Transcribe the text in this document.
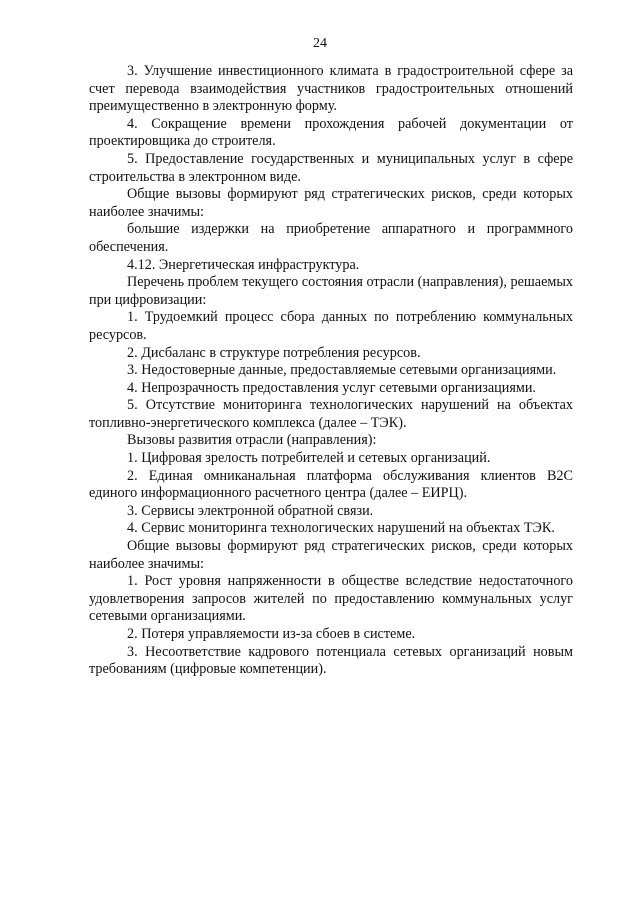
24

3. Улучшение инвестиционного климата в градостроительной сфере за счет перевода взаимодействия участников градостроительных отношений преимущественно в электронную форму.

4. Сокращение времени прохождения рабочей документации от проектировщика до строителя.

5. Предоставление государственных и муниципальных услуг в сфере строительства в электронном виде.

Общие вызовы формируют ряд стратегических рисков, среди которых наиболее значимы:

большие издержки на приобретение аппаратного и программного обеспечения.

4.12. Энергетическая инфраструктура.

Перечень проблем текущего состояния отрасли (направления), решаемых при цифровизации:

1. Трудоемкий процесс сбора данных по потреблению коммунальных ресурсов.

2. Дисбаланс в структуре потребления ресурсов.

3. Недостоверные данные, предоставляемые сетевыми организациями.

4. Непрозрачность предоставления услуг сетевыми организациями.

5. Отсутствие мониторинга технологических нарушений на объектах топливно-энергетического комплекса (далее – ТЭК).

Вызовы развития отрасли (направления):

1. Цифровая зрелость потребителей и сетевых организаций.

2. Единая омниканальная платформа обслуживания клиентов B2C единого информационного расчетного центра (далее – ЕИРЦ).

3. Сервисы электронной обратной связи.

4. Сервис мониторинга технологических нарушений на объектах ТЭК.

Общие вызовы формируют ряд стратегических рисков, среди которых наиболее значимы:

1. Рост уровня напряженности в обществе вследствие недостаточного удовлетворения запросов жителей по предоставлению коммунальных услуг сетевыми организациями.

2. Потеря управляемости из-за сбоев в системе.

3. Несоответствие кадрового потенциала сетевых организаций новым требованиям (цифровые компетенции).
